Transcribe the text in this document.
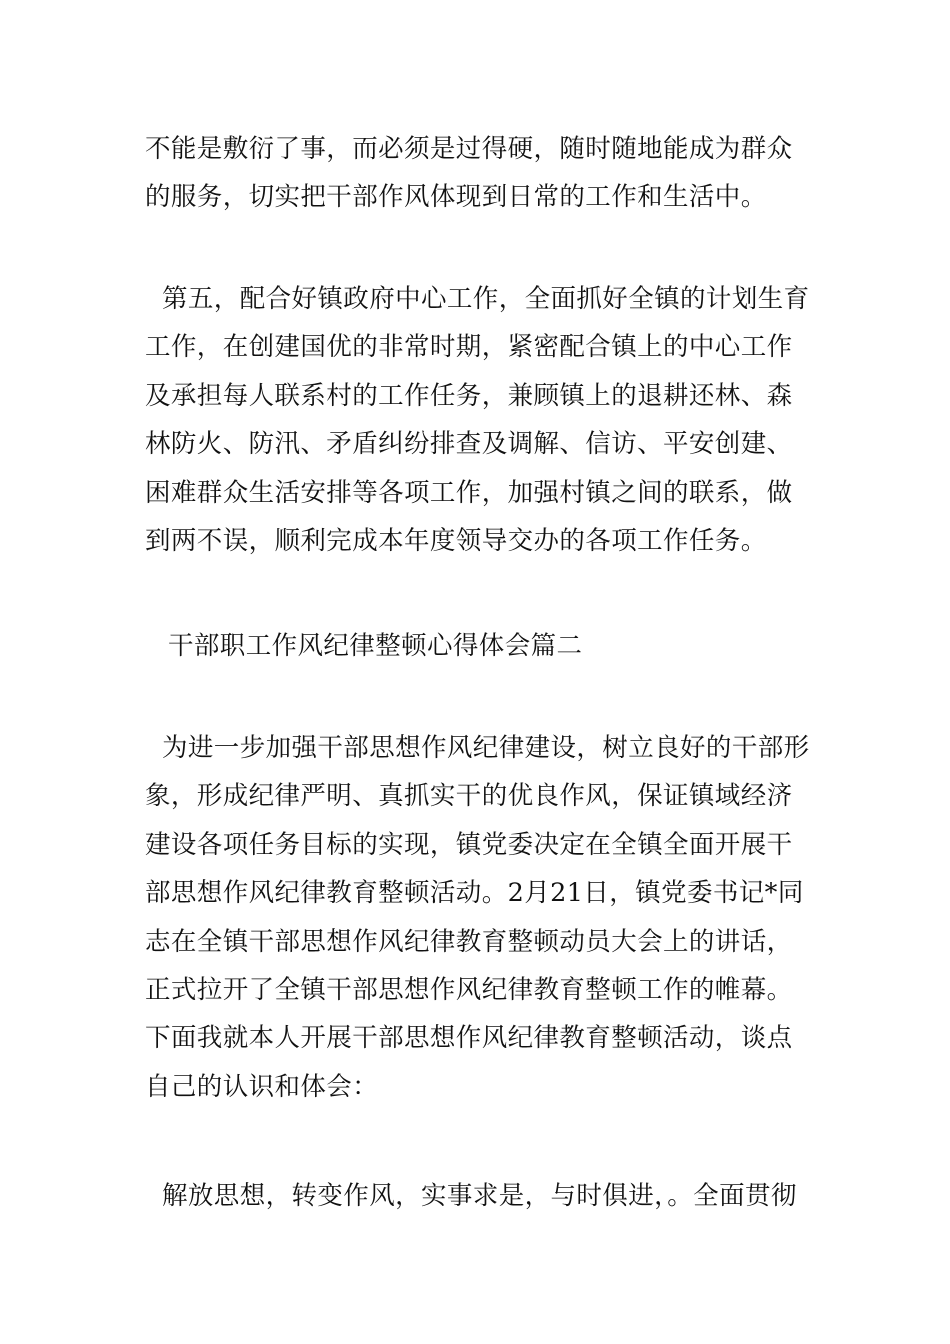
不能是敷衍了事，而必须是过得硬，随时随地能成为群众
的服务，切实把干部作风体现到日常的工作和生活中。
第五，配合好镇政府中心工作，全面抓好全镇的计划生育
工作，在创建国优的非常时期，紧密配合镇上的中心工作
及承担每人联系村的工作任务，兼顾镇上的退耕还林、森
林防火、防汛、矛盾纠纷排查及调解、信访、平安创建、
困难群众生活安排等各项工作，加强村镇之间的联系，做
到两不误，顺利完成本年度领导交办的各项工作任务。
干部职工作风纪律整顿心得体会篇二
为进一步加强干部思想作风纪律建设，树立良好的干部形
象，形成纪律严明、真抓实干的优良作风，保证镇域经济
建设各项任务目标的实现，镇党委决定在全镇全面开展干
部思想作风纪律教育整顿活动。2月21日，镇党委书记*同
志在全镇干部思想作风纪律教育整顿动员大会上的讲话，
正式拉开了全镇干部思想作风纪律教育整顿工作的帷幕。
下面我就本人开展干部思想作风纪律教育整顿活动，谈点
自己的认识和体会：
解放思想，转变作风，实事求是，与时俱进，。全面贯彻
